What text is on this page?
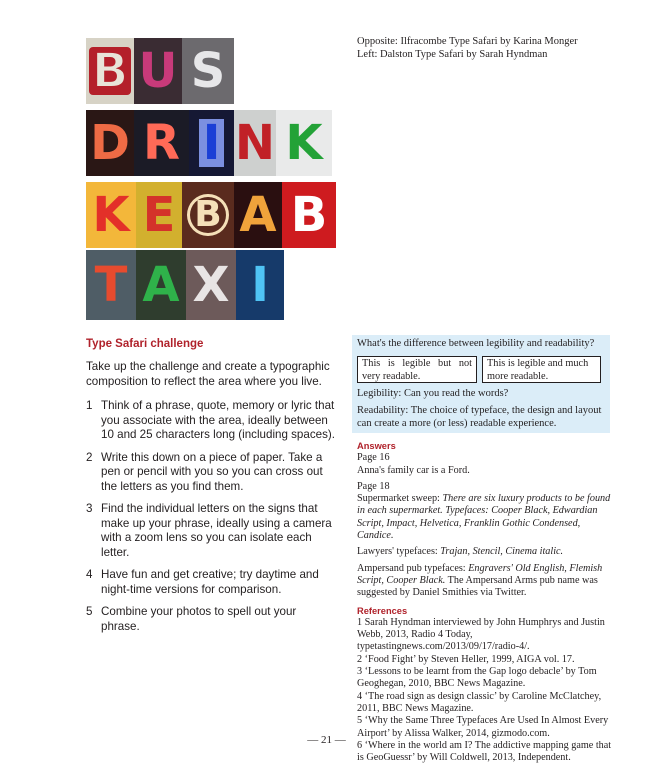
B U S
D R I N K
K E B A B
T A X I
Opposite: Ilfracombe Type Safari by Karina Monger
Left: Dalston Type Safari by Sarah Hyndman
Type Safari challenge

Take up the challenge and create a typographic composition to reflect the area where you live.

1 Think of a phrase, quote, memory or lyric that you associate with the area, ideally between 10 and 25 characters long (including spaces).
2 Write this down on a piece of paper. Take a pen or pencil with you so you can cross out the letters as you find them.
3 Find the individual letters on the signs that make up your phrase, ideally using a camera with a zoom lens so you can isolate each letter.
4 Have fun and get creative; try daytime and night-time versions for comparison.
5 Combine your photos to spell out your phrase.
What's the difference between legibility and readability?
This is legible but not very readable.
This is legible and much more readable.
Legibility: Can you read the words?
Readability: The choice of typeface, the design and layout can create a more (or less) readable experience.
Answers

Page 16
Anna's family car is a Ford.

Page 18

Supermarket sweep: There are six luxury products to be found in each supermarket. Typefaces: Cooper Black, Edwardian Script, Impact, Helvetica, Franklin Gothic Condensed, Candice.

Lawyers' typefaces: Trajan, Stencil, Cinema italic.

Ampersand pub typefaces: Engravers' Old English, Flemish Script, Cooper Black. The Ampersand Arms pub name was suggested by Daniel Smithies via Twitter.

References
1 Sarah Hyndman interviewed by John Humphrys and Justin Webb, 2013, Radio 4 Today, typetastingnews.com/2013/09/17/radio-4/.
2 ‘Food Fight’ by Steven Heller, 1999, AIGA vol. 17.
3 ‘Lessons to be learnt from the Gap logo debacle’ by Tom Geoghegan, 2010, BBC News Magazine.
4 ‘The road sign as design classic’ by Caroline McClatchey, 2011, BBC News Magazine.
5 ‘Why the Same Three Typefaces Are Used In Almost Every Airport’ by Alissa Walker, 2014, gizmodo.com.
6 ‘Where in the world am I? The addictive mapping game that is GeoGuessr’ by Will Coldwell, 2013, Independent.
— 21 —
